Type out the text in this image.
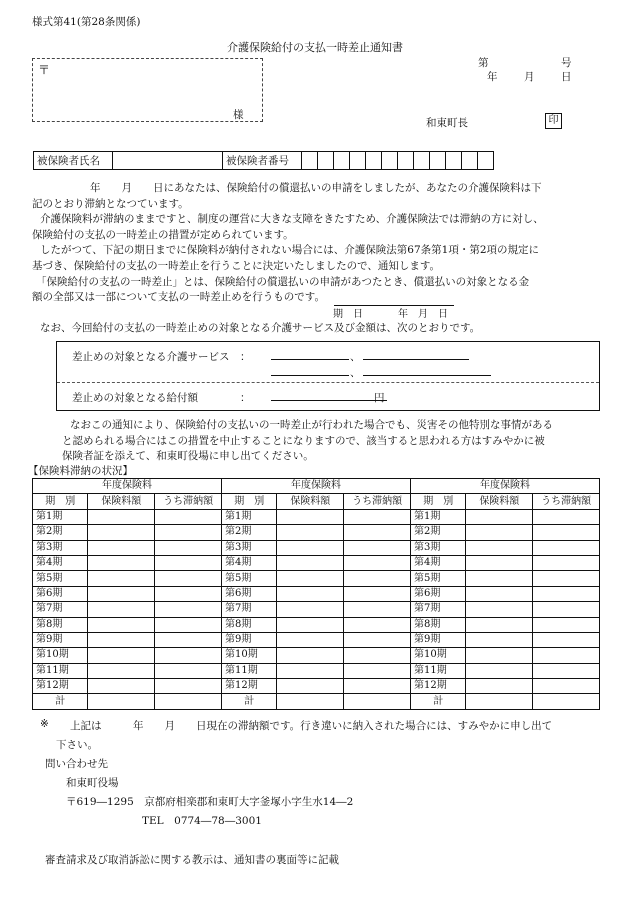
様式第41(第28条関係)
介護保険給付の支払一時差止通知書
第	号
年	月	日
〒
様
和東町長	印
被保険者氏名		被保険者番号												
年　　月　　日にあなたは、保険給付の償還払いの申請をしましたが、あなたの介護保険料は下
記のとおり滞納となつています。
介護保険料が滞納のままですと、制度の運営に大きな支障をきたすため、介護保険法では滞納の方に対し、
保険給付の支払の一時差止の措置が定められています。
したがつて、下記の期日までに保険料が納付されない場合には、介護保険法第67条第1項・第2項の規定に
基づき、保険給付の支払の一時差止を行うことに決定いたしましたので、通知します。
「保険給付の支払の一時差止」とは、保険給付の償還払いの申請があつたとき、償還払いの対象となる金
額の全部又は一部について支払の一時差止めを行うものです。
期　日	年　月　日
なお、今回給付の支払の一時差止めの対象となる介護サービス及び金額は、次のとおりです。
差止めの対象となる介護サービス　：	、
、
差止めの対象となる給付額　　　　：	円
なおこの通知により、保険給付の支払いの一時差止が行われた場合でも、災害その他特別な事情がある
と認められる場合にはこの措置を中止することになりますので、該当すると思われる方はすみやかに被
保険者証を添えて、和東町役場に申し出てください。
【保険料滞納の状況】
年度保険料		
期　別	保険料額	うち滞納額
第1期		
第2期		
第3期		
第4期		
第5期		
第6期		
第7期		
第8期		
第9期		
第10期		
第11期		
第12期		
計		
年度保険料		
期　別	保険料額	うち滞納額
第1期		
第2期		
第3期		
第4期		
第5期		
第6期		
第7期		
第8期		
第9期		
第10期		
第11期		
第12期		
計		
年度保険料		
期　別	保険料額	うち滞納額
第1期		
第2期		
第3期		
第4期		
第5期		
第6期		
第7期		
第8期		
第9期		
第10期		
第11期		
第12期		
計		
※ 上記は　　　年　　月　　日現在の滞納額です。行き違いに納入された場合には、すみやかに申し出て
下さい。
問い合わせ先
和東町役場
〒619―1295　京都府相楽郡和東町大字釜塚小字生水14―2
TEL　0774―78―3001
審査請求及び取消訴訟に関する教示は、通知書の裏面等に記載
